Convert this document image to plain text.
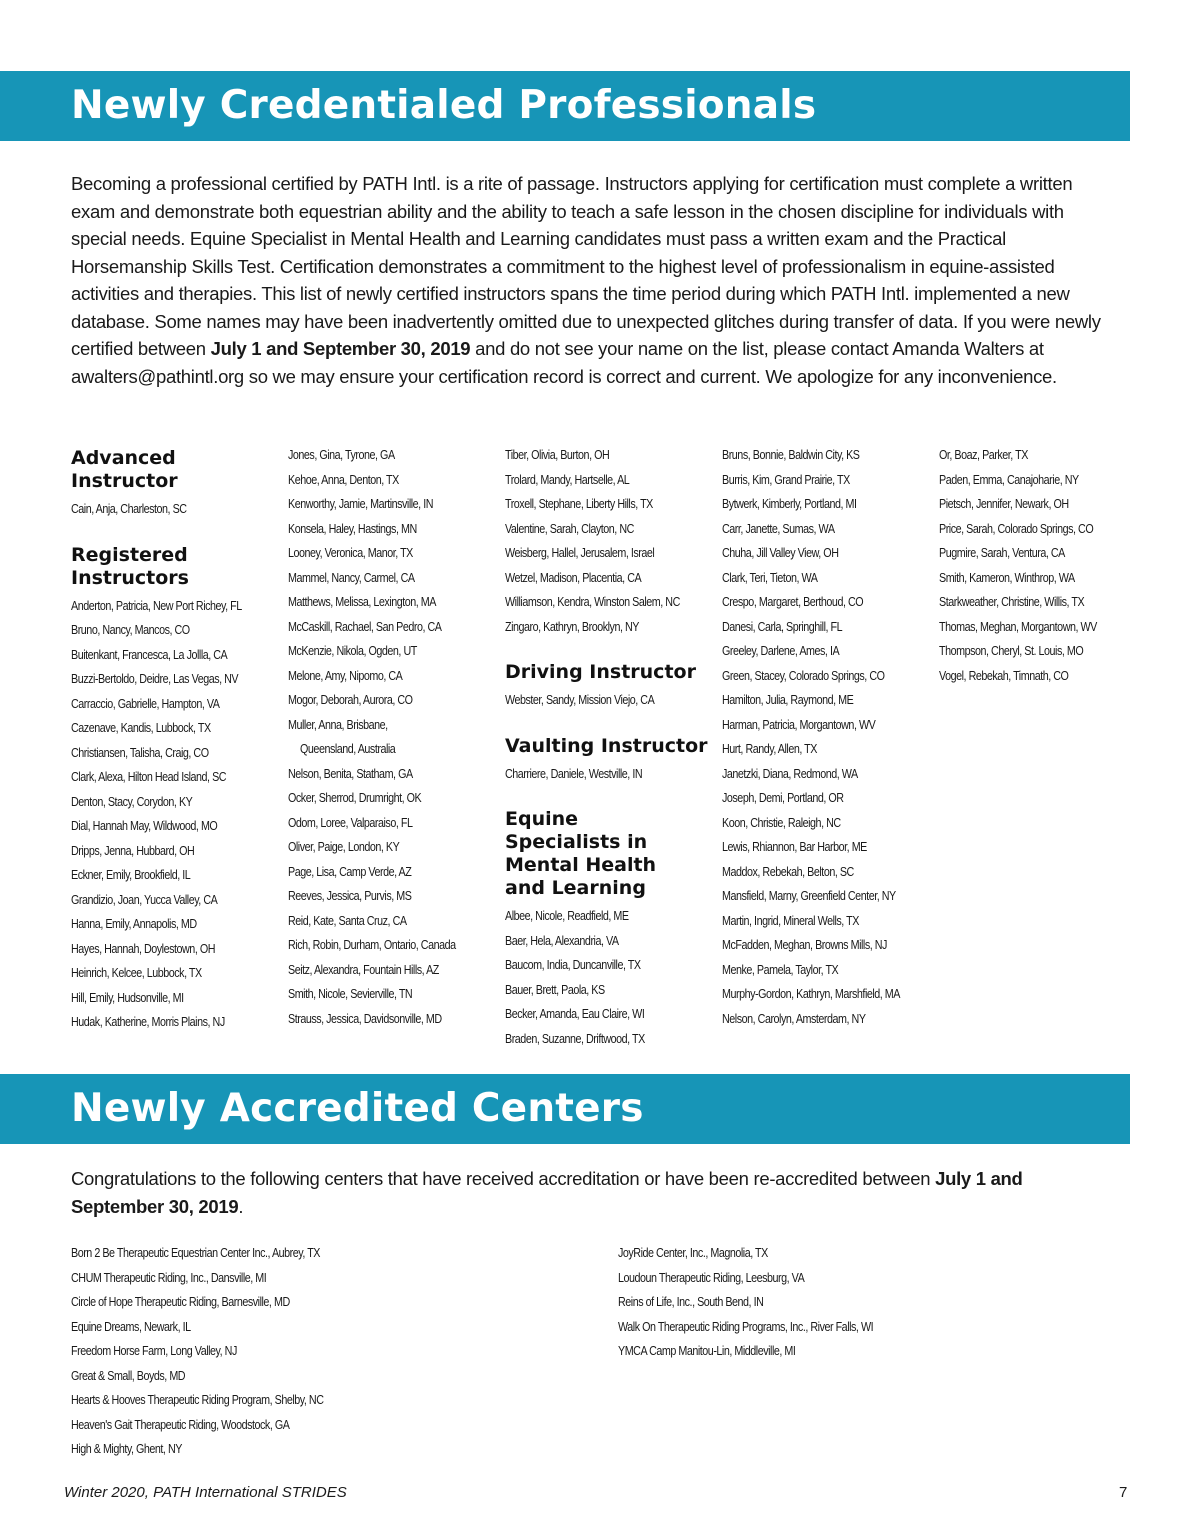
Newly Credentialed Professionals

Becoming a professional certified by PATH Intl. is a rite of passage. Instructors applying for certification must complete a written exam and demonstrate both equestrian ability and the ability to teach a safe lesson in the chosen discipline for individuals with special needs. Equine Specialist in Mental Health and Learning candidates must pass a written exam and the Practical Horsemanship Skills Test. Certification demonstrates a commitment to the highest level of professionalism in equine-assisted activities and therapies. This list of newly certified instructors spans the time period during which PATH Intl. implemented a new database. Some names may have been inadvertently omitted due to unexpected glitches during transfer of data. If you were newly certified between July 1 and September 30, 2019 and do not see your name on the list, please contact Amanda Walters at awalters@pathintl.org so we may ensure your certification record is correct and current. We apologize for any inconvenience.

Advanced Instructor
Cain, Anja, Charleston, SC
Registered Instructors
Anderton, Patricia, New Port Richey, FL
Bruno, Nancy, Mancos, CO
Buitenkant, Francesca, La Jollla, CA
Buzzi-Bertoldo, Deidre, Las Vegas, NV
Carraccio, Gabrielle, Hampton, VA
Cazenave, Kandis, Lubbock, TX
Christiansen, Talisha, Craig, CO
Clark, Alexa, Hilton Head Island, SC
Denton, Stacy, Corydon, KY
Dial, Hannah May, Wildwood, MO
Dripps, Jenna, Hubbard, OH
Eckner, Emily, Brookfield, IL
Grandizio, Joan, Yucca Valley, CA
Hanna, Emily, Annapolis, MD
Hayes, Hannah, Doylestown, OH
Heinrich, Kelcee, Lubbock, TX
Hill, Emily, Hudsonville, MI
Hudak, Katherine, Morris Plains, NJ
Jones, Gina, Tyrone, GA
Kehoe, Anna, Denton, TX
Kenworthy, Jamie, Martinsville, IN
Konsela, Haley, Hastings, MN
Looney, Veronica, Manor, TX
Mammel, Nancy, Carmel, CA
Matthews, Melissa, Lexington, MA
McCaskill, Rachael, San Pedro, CA
McKenzie, Nikola, Ogden, UT
Melone, Amy, Nipomo, CA
Mogor, Deborah, Aurora, CO
Muller, Anna, Brisbane,
Queensland, Australia
Nelson, Benita, Statham, GA
Ocker, Sherrod, Drumright, OK
Odom, Loree, Valparaiso, FL
Oliver, Paige, London, KY
Page, Lisa, Camp Verde, AZ
Reeves, Jessica, Purvis, MS
Reid, Kate, Santa Cruz, CA
Rich, Robin, Durham, Ontario, Canada
Seitz, Alexandra, Fountain Hills, AZ
Smith, Nicole, Sevierville, TN
Strauss, Jessica, Davidsonville, MD
Tiber, Olivia, Burton, OH
Trolard, Mandy, Hartselle, AL
Troxell, Stephane, Liberty Hills, TX
Valentine, Sarah, Clayton, NC
Weisberg, Hallel, Jerusalem, Israel
Wetzel, Madison, Placentia, CA
Williamson, Kendra, Winston Salem, NC
Zingaro, Kathryn, Brooklyn, NY
Driving Instructor
Webster, Sandy, Mission Viejo, CA
Vaulting Instructor
Charriere, Daniele, Westville, IN
Equine Specialists in Mental Health and Learning
Albee, Nicole, Readfield, ME
Baer, Hela, Alexandria, VA
Baucom, India, Duncanville, TX
Bauer, Brett, Paola, KS
Becker, Amanda, Eau Claire, WI
Braden, Suzanne, Driftwood, TX
Bruns, Bonnie, Baldwin City, KS
Burris, Kim, Grand Prairie, TX
Bytwerk, Kimberly, Portland, MI
Carr, Janette, Sumas, WA
Chuha, Jill Valley View, OH
Clark, Teri, Tieton, WA
Crespo, Margaret, Berthoud, CO
Danesi, Carla, Springhill, FL
Greeley, Darlene, Ames, IA
Green, Stacey, Colorado Springs, CO
Hamilton, Julia, Raymond, ME
Harman, Patricia, Morgantown, WV
Hurt, Randy, Allen, TX
Janetzki, Diana, Redmond, WA
Joseph, Demi, Portland, OR
Koon, Christie, Raleigh, NC
Lewis, Rhiannon, Bar Harbor, ME
Maddox, Rebekah, Belton, SC
Mansfield, Marny, Greenfield Center, NY
Martin, Ingrid, Mineral Wells, TX
McFadden, Meghan, Browns Mills, NJ
Menke, Pamela, Taylor, TX
Murphy-Gordon, Kathryn, Marshfield, MA
Nelson, Carolyn, Amsterdam, NY
Or, Boaz, Parker, TX
Paden, Emma, Canajoharie, NY
Pietsch, Jennifer, Newark, OH
Price, Sarah, Colorado Springs, CO
Pugmire, Sarah, Ventura, CA
Smith, Kameron, Winthrop, WA
Starkweather, Christine, Willis, TX
Thomas, Meghan, Morgantown, WV
Thompson, Cheryl, St. Louis, MO
Vogel, Rebekah, Timnath, CO
Newly Accredited Centers

Congratulations to the following centers that have received accreditation or have been re-accredited between July 1 and September 30, 2019.

Born 2 Be Therapeutic Equestrian Center Inc., Aubrey, TX
CHUM Therapeutic Riding, Inc., Dansville, MI
Circle of Hope Therapeutic Riding, Barnesville, MD
Equine Dreams, Newark, IL
Freedom Horse Farm, Long Valley, NJ
Great & Small, Boyds, MD
Hearts & Hooves Therapeutic Riding Program, Shelby, NC
Heaven's Gait Therapeutic Riding, Woodstock, GA
High & Mighty, Ghent, NY
JoyRide Center, Inc., Magnolia, TX
Loudoun Therapeutic Riding, Leesburg, VA
Reins of Life, Inc., South Bend, IN
Walk On Therapeutic Riding Programs, Inc., River Falls, WI
YMCA Camp Manitou-Lin, Middleville, MI
Winter 2020, PATH International STRIDES	7
